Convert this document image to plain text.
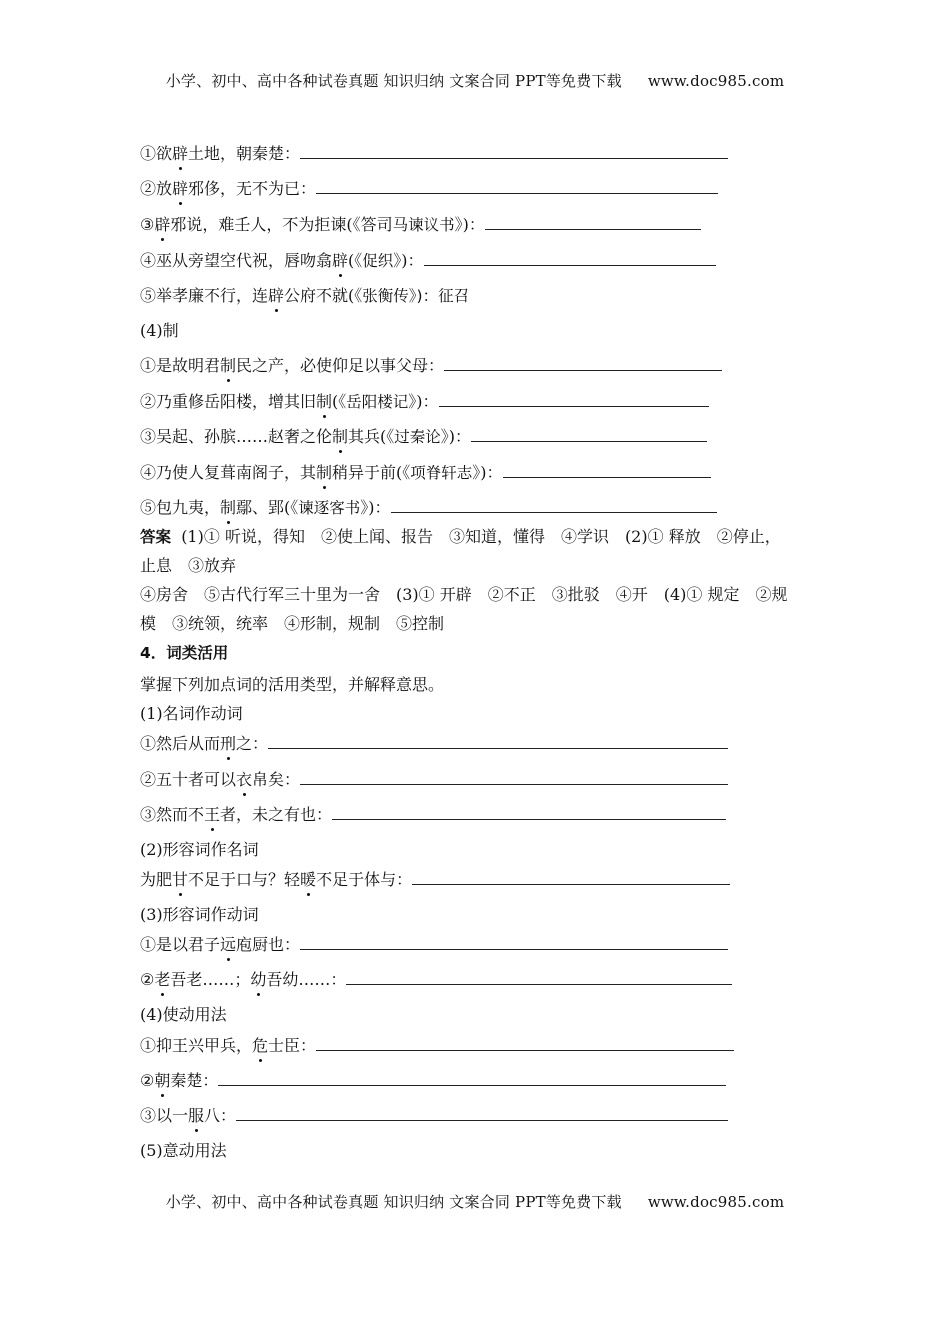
小学、初中、高中各种试卷真题 知识归纳 文案合同 PPT等免费下载 www.doc985.com
①欲辟土地，朝秦楚：
②放辟邪侈，无不为已：
③辟邪说，难壬人，不为拒谏(《答司马谏议书》)：
④巫从旁望空代祝，唇吻翕辟(《促织》)：
⑤举孝廉不行，连辟公府不就(《张衡传》)：征召
(4)制
①是故明君制民之产，必使仰足以事父母：
②乃重修岳阳楼，增其旧制(《岳阳楼记》)：
③吴起、孙膑……赵奢之伦制其兵(《过秦论》)：
④乃使人复葺南阁子，其制稍异于前(《项脊轩志》)：
⑤包九夷，制鄢、郢(《谏逐客书》)：
答案 (1)① 听说，得知　②使上闻、报告　③知道，懂得　④学识　(2)① 释放　②停止，
止息　③放弃
④房舍　⑤古代行军三十里为一舍　(3)① 开辟　②不正　③批驳　④开　(4)① 规定　②规
模　③统领，统率　④形制，规制　⑤控制
4．词类活用
掌握下列加点词的活用类型，并解释意思。
(1)名词作动词
①然后从而刑之：
②五十者可以衣帛矣：
③然而不王者，未之有也：
(2)形容词作名词
为肥甘不足于口与？轻暖不足于体与：
(3)形容词作动词
①是以君子远庖厨也：
②老吾老……；幼吾幼……：
(4)使动用法
①抑王兴甲兵，危士臣：
②朝秦楚：
③以一服八：
(5)意动用法
小学、初中、高中各种试卷真题 知识归纳 文案合同 PPT等免费下载 www.doc985.com
